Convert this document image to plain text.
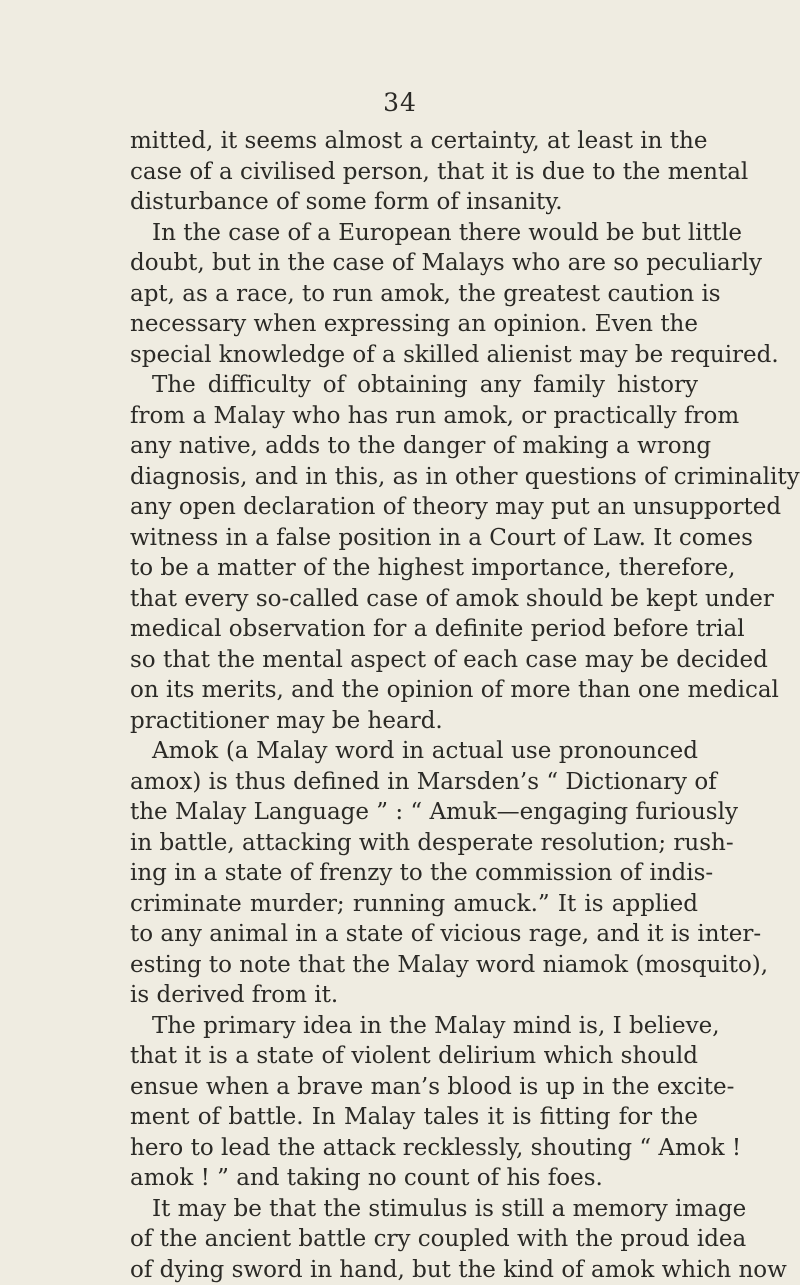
34
mitted, it seems almost a certainty, at least in the
case of a civilised person, that it is due to the mental
disturbance of some form of insanity.
In the case of a European there would be but little
doubt, but in the case of Malays who are so peculiarly
apt, as a race, to run amok, the greatest caution is
necessary when expressing an opinion. Even the
special knowledge of a skilled alienist may be required.
The difficulty of obtaining any family history
from a Malay who has run amok, or practically from
any native, adds to the danger of making a wrong
diagnosis, and in this, as in other questions of criminality
any open declaration of theory may put an unsupported
witness in a false position in a Court of Law. It comes
to be a matter of the highest importance, therefore,
that every so-called case of amok should be kept under
medical observation for a definite period before trial
so that the mental aspect of each case may be decided
on its merits, and the opinion of more than one medical
practitioner may be heard.
Amok (a Malay word in actual use pronounced
amox) is thus defined in Marsden’s “ Dictionary of
the Malay Language ” : “ Amuk—engaging furiously
in battle, attacking with desperate resolution; rush-
ing in a state of frenzy to the commission of indis-
criminate murder; running amuck.” It is applied
to any animal in a state of vicious rage, and it is inter-
esting to note that the Malay word niamok (mosquito),
is derived from it.
The primary idea in the Malay mind is, I believe,
that it is a state of violent delirium which should
ensue when a brave man’s blood is up in the excite-
ment of battle. In Malay tales it is fitting for the
hero to lead the attack recklessly, shouting “ Amok !
amok ! ” and taking no count of his foes.
It may be that the stimulus is still a memory image
of the ancient battle cry coupled with the proud idea
of dying sword in hand, but the kind of amok which now
